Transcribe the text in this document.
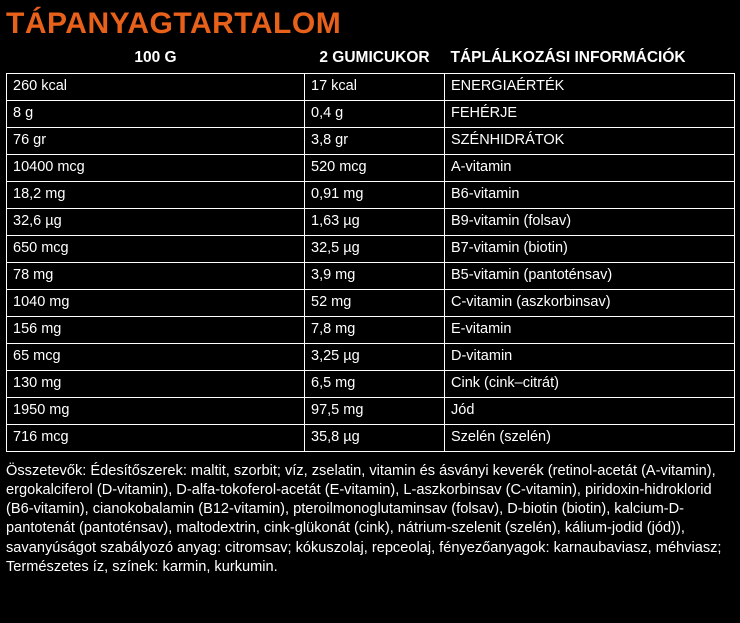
TÁPANYAGTARTALOM
100 G	2 GUMICUKOR	TÁPLÁLKOZÁSI INFORMÁCIÓK
260 kcal	17 kcal	ENERGIAÉRTÉK
8 g	0,4 g	FEHÉRJE
76 gr	3,8 gr	SZÉNHIDRÁTOK
10400 mcg	520 mcg	A-vitamin
18,2 mg	0,91 mg	B6-vitamin
32,6 µg	1,63 µg	B9-vitamin (folsav)
650 mcg	32,5 µg	B7-vitamin (biotin)
78 mg	3,9 mg	B5-vitamin (pantoténsav)
1040 mg	52 mg	C-vitamin (aszkorbinsav)
156 mg	7,8 mg	E-vitamin
65 mcg	3,25 µg	D-vitamin
130 mg	6,5 mg	Cink (cink–citrát)
1950 mg	97,5 mg	Jód
716 mcg	35,8 µg	Szelén (szelén)
Összetevők: Édesítőszerek: maltit, szorbit; víz, zselatin, vitamin és ásványi keverék (retinol-acetát (A-vitamin), ergokalciferol (D-vitamin), D-alfa-tokoferol-acetát (E-vitamin), L-aszkorbinsav (C-vitamin), piridoxin-hidroklorid (B6-vitamin), cianokobalamin (B12-vitamin), pteroilmonoglutaminsav (folsav), D-biotin (biotin), kalcium-D-pantotenát (pantoténsav), maltodextrin, cink-glükonát (cink), nátrium-szelenit (szelén), kálium-jodid (jód)), savanyúságot szabályozó anyag: citromsav; kókuszolaj, repceolaj, fényezőanyagok: karnaubaviasz, méhviasz; Természetes íz, színek: karmin, kurkumin.
